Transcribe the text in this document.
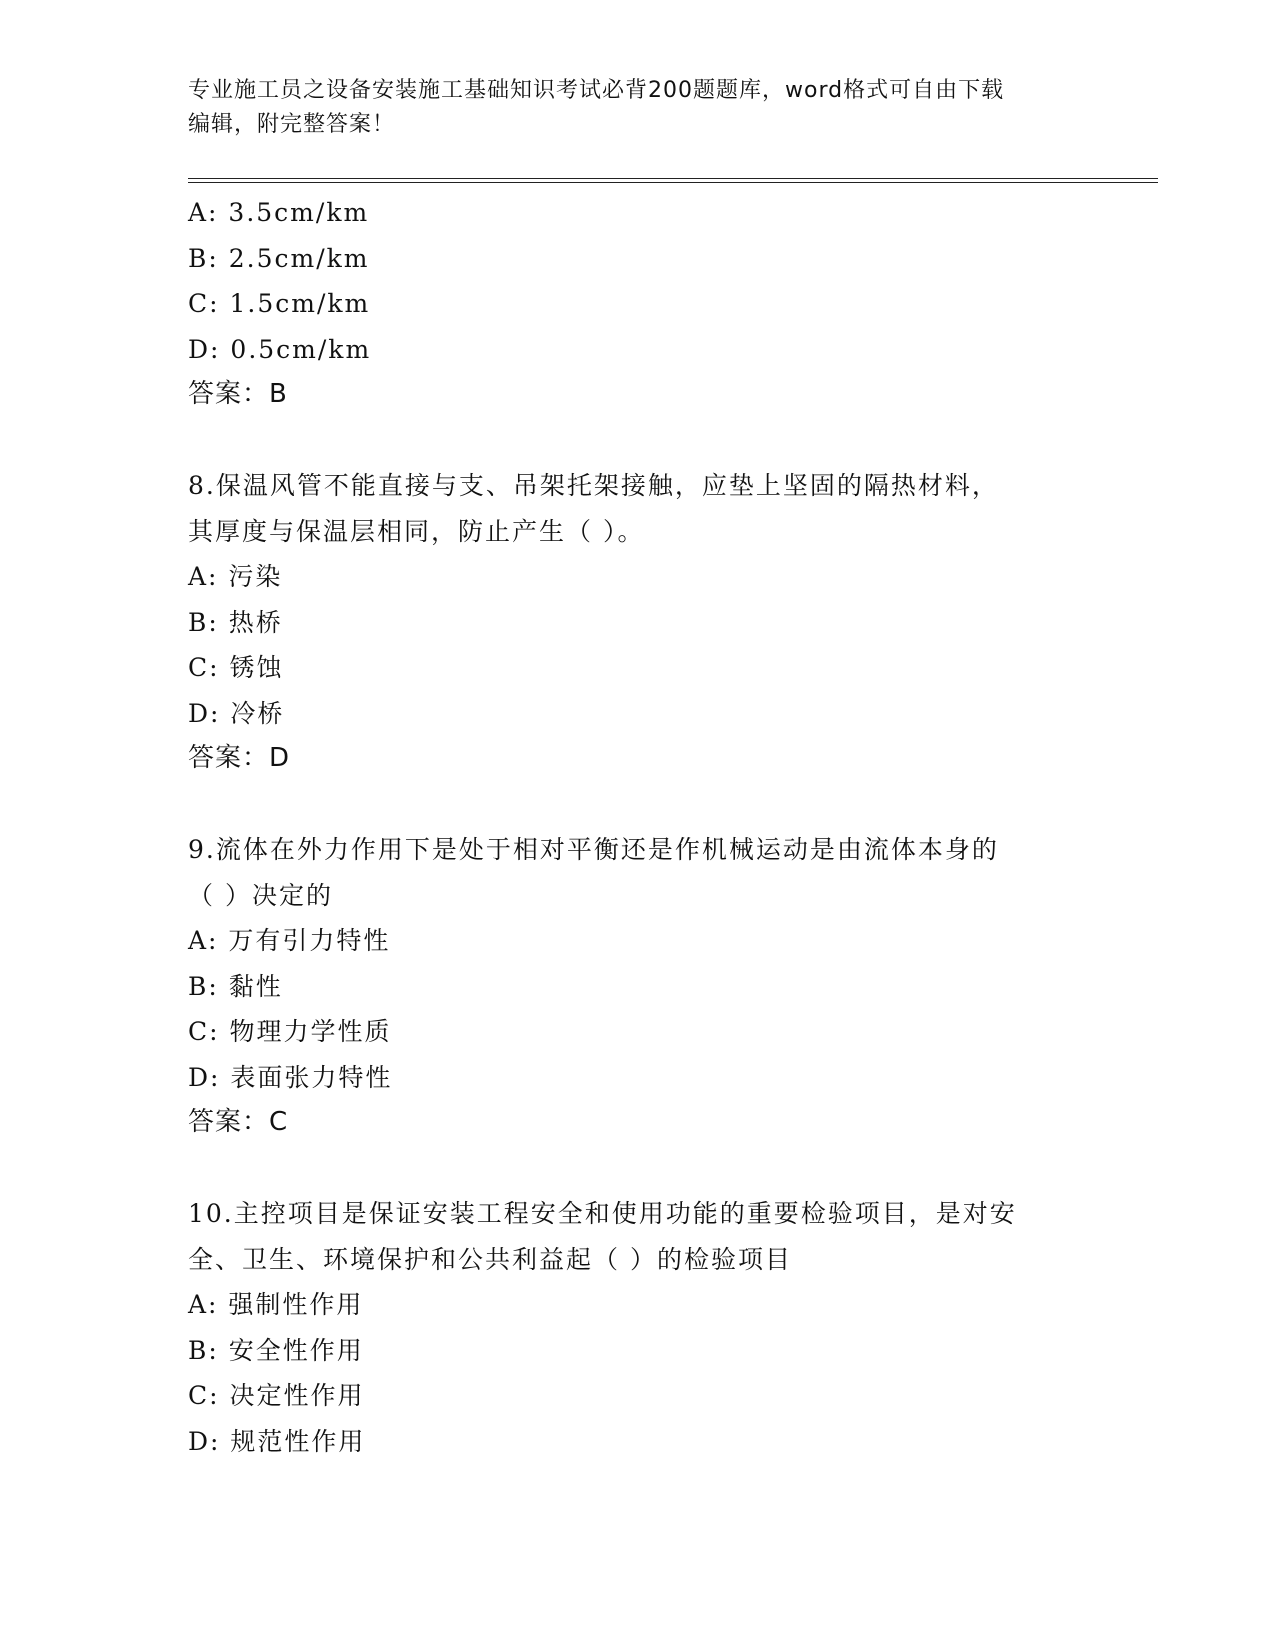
专业施工员之设备安装施工基础知识考试必背200题题库，word格式可自由下载
编辑，附完整答案！
A: 3.5cm/km
B: 2.5cm/km
C: 1.5cm/km
D: 0.5cm/km
答案：B
8.保温风管不能直接与支、吊架托架接触，应垫上坚固的隔热材料，
其厚度与保温层相同，防止产生（ ）。
A: 污染
B: 热桥
C: 锈蚀
D: 冷桥
答案：D
9.流体在外力作用下是处于相对平衡还是作机械运动是由流体本身的
（ ）决定的
A: 万有引力特性
B: 黏性
C: 物理力学性质
D: 表面张力特性
答案：C
10.主控项目是保证安装工程安全和使用功能的重要检验项目，是对安
全、卫生、环境保护和公共利益起（ ）的检验项目
A: 强制性作用
B: 安全性作用
C: 决定性作用
D: 规范性作用
